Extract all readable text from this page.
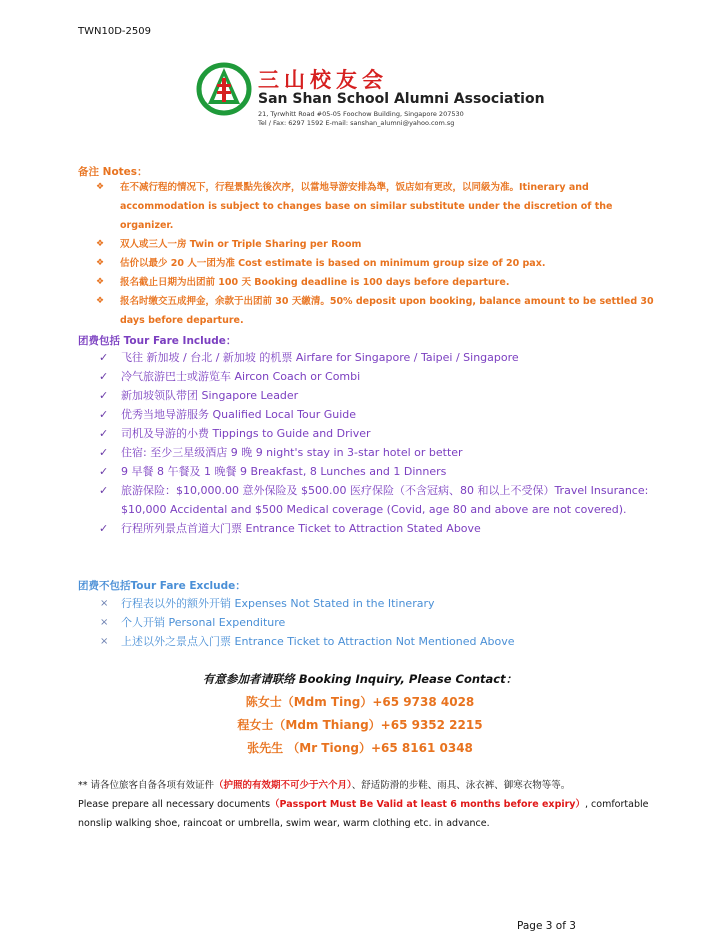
TWN10D-2509
三山校友会
San Shan School Alumni Association
21, Tyrwhitt Road #05-05 Foochow Building, Singapore 207530
Tel / Fax: 6297 1592 E-mail: sanshan_alumni@yahoo.com.sg
备注 Notes：
❖ 在不减行程的情况下，行程景點先後次序，以當地导游安排為準，饭店如有更改，以同級为准。Itinerary and accommodation is subject to changes base on similar substitute under the discretion of the organizer.
❖ 双人或三人一房 Twin or Triple Sharing per Room
❖ 估价以最少 20 人一团为准 Cost estimate is based on minimum group size of 20 pax.
❖ 报名截止日期为出团前 100 天 Booking deadline is 100 days before departure.
❖ 报名时缴交五成押金，余款于出团前 30 天繳清。50% deposit upon booking, balance amount to be settled 30 days before departure.
团费包括 Tour Fare Include：
✓ 飞往 新加坡 / 台北 / 新加坡 的机票 Airfare for Singapore / Taipei / Singapore
✓ 冷气旅游巴士或游览车 Aircon Coach or Combi
✓ 新加坡领队带团 Singapore Leader
✓ 优秀当地导游服务 Qualified Local Tour Guide
✓ 司机及导游的小费 Tippings to Guide and Driver
✓ 住宿: 至少三星级酒店 9 晚 9 night's stay in 3-star hotel or better
✓ 9 早餐 8 午餐及 1 晚餐 9 Breakfast, 8 Lunches and 1 Dinners
✓ 旅游保险：$10,000.00 意外保险及 $500.00 医疗保险（不含冠病、80 和以上不受保）Travel Insurance: $10,000 Accidental and $500 Medical coverage (Covid, age 80 and above are not covered).
✓ 行程所列景点首道大门票 Entrance Ticket to Attraction Stated Above
团费不包括Tour Fare Exclude：
× 行程表以外的额外开销 Expenses Not Stated in the Itinerary
× 个人开销 Personal Expenditure
× 上述以外之景点入门票 Entrance Ticket to Attraction Not Mentioned Above
有意参加者请联络 Booking Inquiry, Please Contact：
陈女士（Mdm Ting）+65 9738 4028
程女士（Mdm Thiang）+65 9352 2215
张先生 （Mr Tiong）+65 8161 0348
** 请各位旅客自备各项有效证件（护照的有效期不可少于六个月）、舒适防滑的步鞋、雨具、泳衣裤、御寒衣物等等。
Please prepare all necessary documents（Passport Must Be Valid at least 6 months before expiry）, comfortable nonslip walking shoe, raincoat or umbrella, swim wear, warm clothing etc. in advance.
Page 3 of 3
